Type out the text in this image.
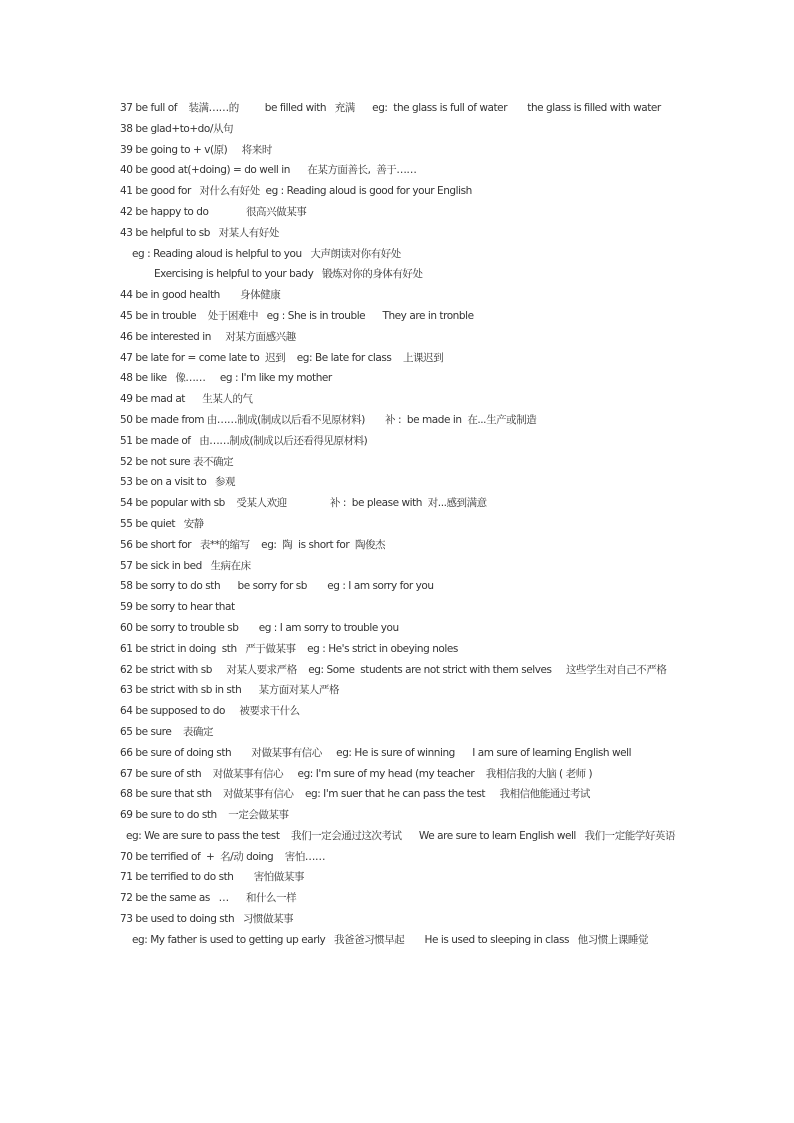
37 be full of    装满……的         be filled with   充满      eg:  the glass is full of water       the glass is filled with water
38 be glad+to+do/从句
39 be going to + v(原)     将来时
40 be good at(+doing) = do well in      在某方面善长,  善于……
41 be good for   对什么有好处  eg : Reading aloud is good for your English
42 be happy to do             很高兴做某事
43 be helpful to sb   对某人有好处
eg : Reading aloud is helpful to you   大声朗读对你有好处
Exercising is helpful to your bady   锻炼对你的身体有好处
44 be in good health       身体健康
45 be in trouble    处于困难中   eg : She is in trouble      They are in tronble
46 be interested in     对某方面感兴趣
47 be late for = come late to  迟到    eg: Be late for class    上课迟到
48 be like   像……     eg : I'm like my mother
49 be mad at      生某人的气
50 be made from 由……制成(制成以后看不见原材料)       补 :  be made in  在...生产或制造
51 be made of   由……制成(制成以后还看得见原材料)
52 be not sure 表不确定
53 be on a visit to   参观
54 be popular with sb    受某人欢迎               补 :  be please with  对...感到满意
55 be quiet   安静
56 be short for   表**的缩写    eg:  陶  is short for  陶俊杰
57 be sick in bed   生病在床
58 be sorry to do sth      be sorry for sb       eg : I am sorry for you
59 be sorry to hear that
60 be sorry to trouble sb       eg : I am sorry to trouble you
61 be strict in doing  sth   严于做某事    eg : He's strict in obeying noles
62 be strict with sb     对某人要求严格    eg: Some  students are not strict with them selves     这些学生对自己不严格
63 be strict with sb in sth      某方面对某人严格
64 be supposed to do     被要求干什么
65 be sure    表确定
66 be sure of doing sth       对做某事有信心     eg: He is sure of winning      I am sure of learning English well
67 be sure of sth    对做某事有信心     eg: I'm sure of my head (my teacher    我相信我的大脑 ( 老师 )
68 be sure that sth    对做某事有信心    eg: I'm suer that he can pass the test     我相信他能通过考试
69 be sure to do sth    一定会做某事
eg: We are sure to pass the test    我们一定会通过这次考试      We are sure to learn English well   我们一定能学好英语
70 be terrified of  +  名/动 doing    害怕……
71 be terrified to do sth       害怕做某事
72 be the same as   …      和什么一样
73 be used to doing sth   习惯做某事
eg: My father is used to getting up early   我爸爸习惯早起       He is used to sleeping in class   他习惯上课睡觉
